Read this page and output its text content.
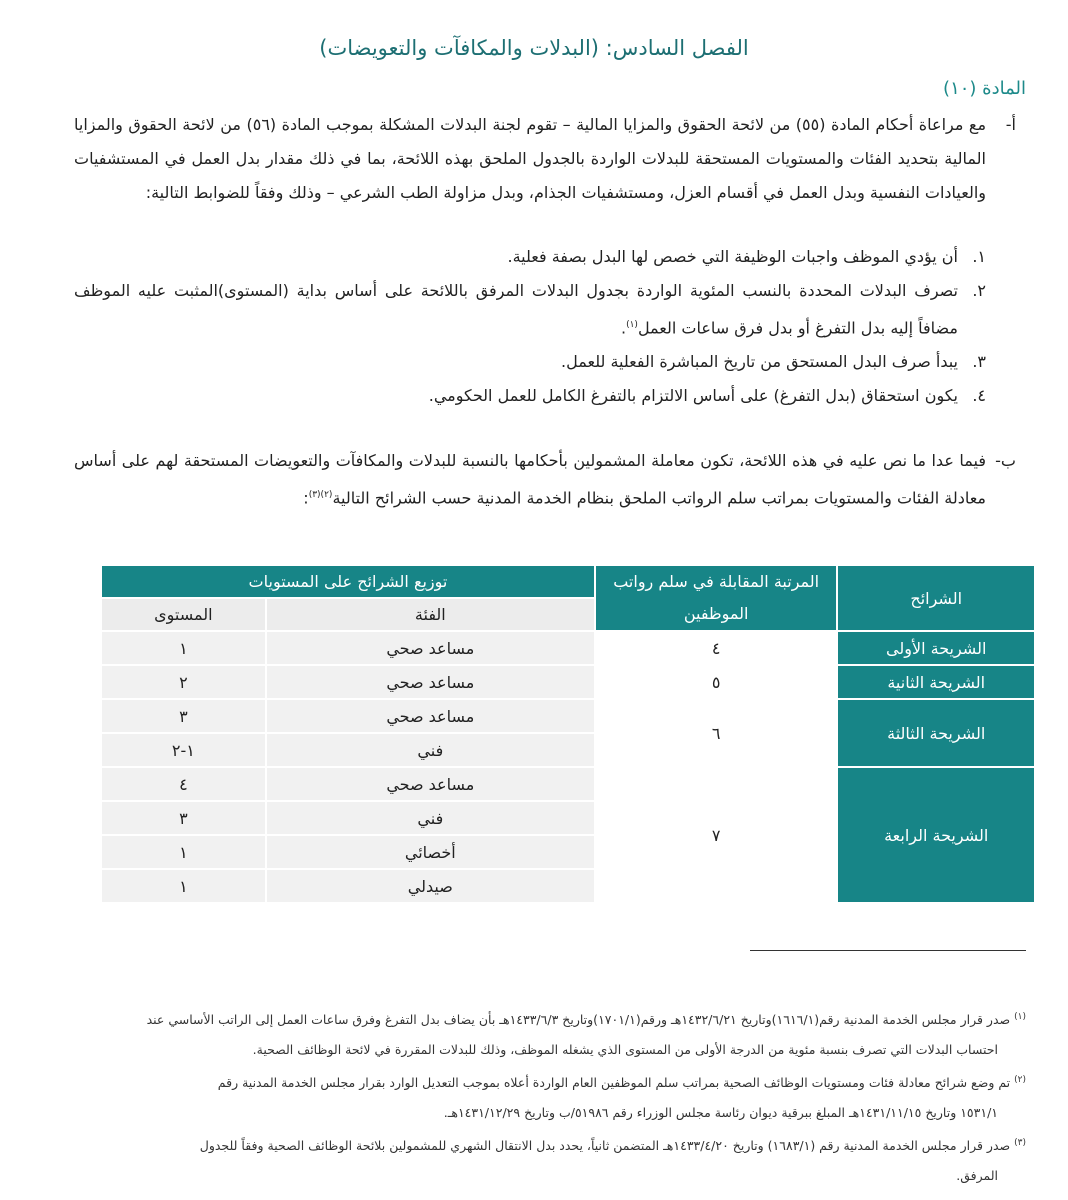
الفصل السادس: (البدلات والمكافآت والتعويضات)
المادة (١٠)
أ-
مع مراعاة أحكام المادة (٥٥) من لائحة الحقوق والمزايا المالية – تقوم لجنة البدلات المشكلة بموجب المادة (٥٦) من لائحة الحقوق والمزايا المالية بتحديد الفئات والمستويات المستحقة للبدلات الواردة بالجدول الملحق بهذه اللائحة، بما في ذلك مقدار بدل العمل في المستشفيات والعيادات النفسية وبدل العمل في أقسام العزل، ومستشفيات الجذام، وبدل مزاولة الطب الشرعي – وذلك وفقاً للضوابط التالية:
١.
أن يؤدي الموظف واجبات الوظيفة التي خصص لها البدل بصفة فعلية.
٢.
تصرف البدلات المحددة بالنسب المئوية الواردة بجدول البدلات المرفق باللائحة على أساس بداية (المستوى)المثبت عليه الموظف مضافاً إليه بدل التفرغ أو بدل فرق ساعات العمل$^{(١)}$.
٣.
يبدأ صرف البدل المستحق من تاريخ المباشرة الفعلية للعمل.
٤.
يكون استحقاق (بدل التفرغ) على أساس الالتزام بالتفرغ الكامل للعمل الحكومي.
ب-
فيما عدا ما نص عليه في هذه اللائحة، تكون معاملة المشمولين بأحكامها بالنسبة للبدلات والمكافآت والتعويضات المستحقة لهم على أساس معادلة الفئات والمستويات بمراتب سلم الرواتب الملحق بنظام الخدمة المدنية حسب الشرائح التالية$^{(٢)(٣)}$:
الشرائح	المرتبة المقابلة في سلم رواتب الموظفين	توزيع الشرائح على المستويات	
		الفئة	المستوى
الشريحة الأولى	٤	مساعد صحي	١
الشريحة الثانية	٥	مساعد صحي	٢
الشريحة الثالثة	٦	مساعد صحي	٣
		فني	١-٢
الشريحة الرابعة	٧	مساعد صحي	٤
		فني	٣
		أخصائي	١
		صيدلي	١

$^{(١)}$ صدر قرار مجلس الخدمة المدنية رقم(١٦١٦/١)وتاريخ ١٤٣٢/٦/٢١هـ ورقم(١٧٠١/١)وتاريخ ١٤٣٣/٦/٣هـ بأن يضاف بدل التفرغ وفرق ساعات العمل إلى الراتب الأساسي عند

احتساب البدلات التي تصرف بنسبة مئوية من الدرجة الأولى من المستوى الذي يشغله الموظف، وذلك للبدلات المقررة في لائحة الوظائف الصحية.

$^{(٢)}$ تم وضع شرائح معادلة فئات ومستويات الوظائف الصحية بمراتب سلم الموظفين العام الواردة أعلاه بموجب التعديل الوارد بقرار مجلس الخدمة المدنية رقم

١٥٣١/١ وتاريخ ١٤٣١/١١/١٥هـ المبلغ ببرقية ديوان رئاسة مجلس الوزراء رقم ٥١٩٨٦/ب وتاريخ ١٤٣١/١٢/٢٩هـ.

$^{(٣)}$ صدر قرار مجلس الخدمة المدنية رقم (١٦٨٣/١) وتاريخ ١٤٣٣/٤/٢٠هـ المتضمن ثانياً، يحدد بدل الانتقال الشهري للمشمولين بلائحة الوظائف الصحية وفقاً للجدول

المرفق.
